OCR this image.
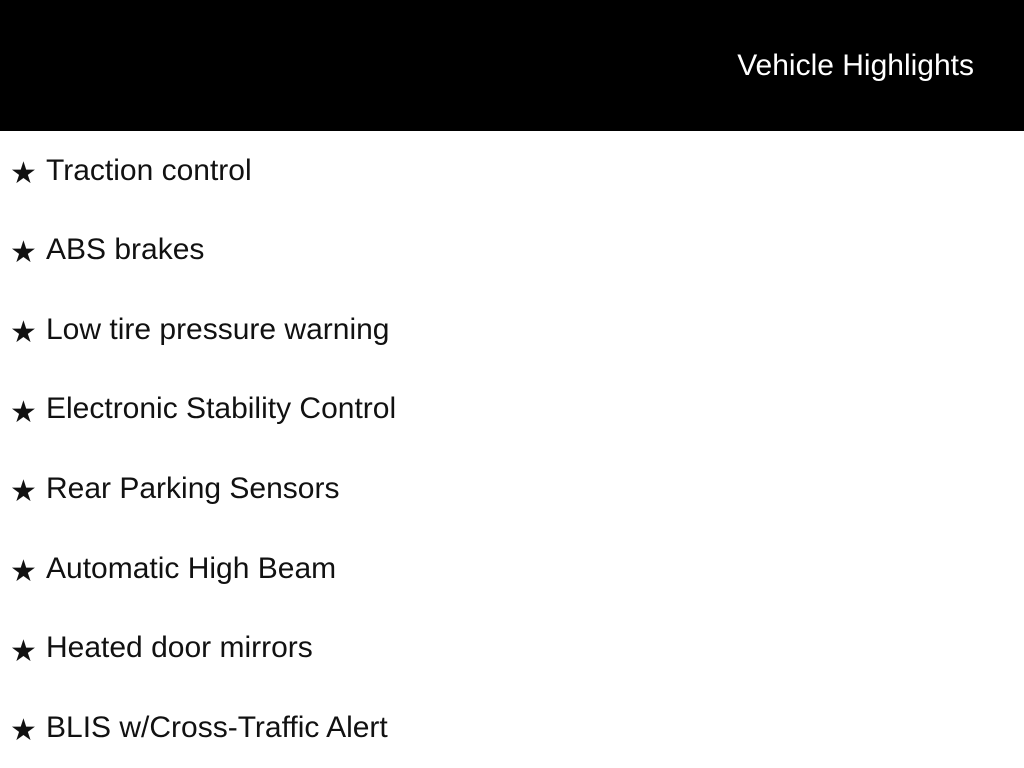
Vehicle Highlights
★ Traction control
★ ABS brakes
★ Low tire pressure warning
★ Electronic Stability Control
★ Rear Parking Sensors
★ Automatic High Beam
★ Heated door mirrors
★ BLIS w/Cross-Traffic Alert
